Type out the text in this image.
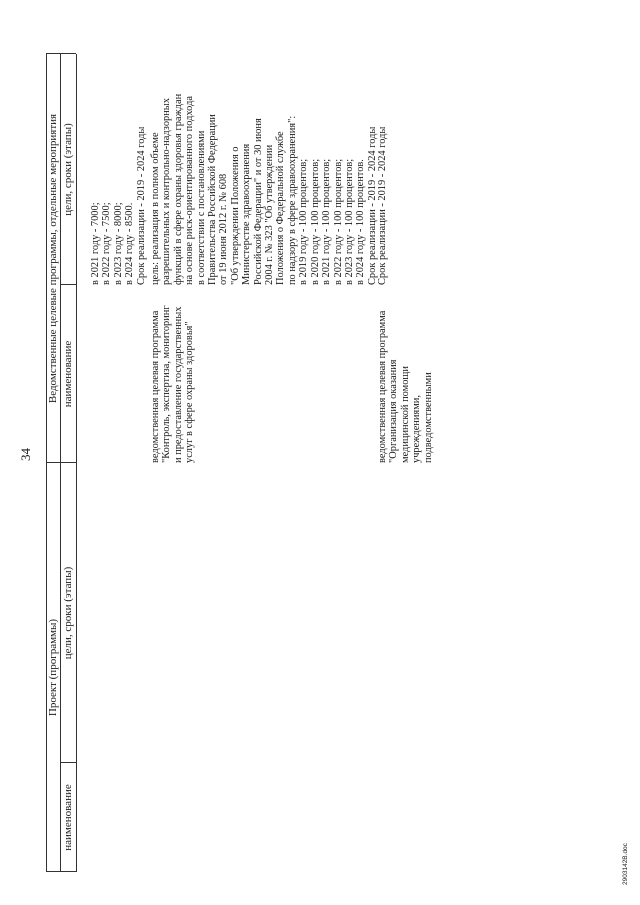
34
Проект (программы)
Ведомственные целевые программы, отдельные мероприятия
наименование
цели, сроки (этапы)
наименование
цели, сроки (этапы)
в 2021 году - 7000; в 2022 году - 7500; в 2023 году - 8000; в 2024 году - 8500. Срок реализации - 2019 - 2024 годы
ведомственная целевая программа "Контроль, экспертиза, мониторинг и предоставление государственных услуг в сфере охраны здоровья"
цель: реализация в полном объеме разрешительных и контрольно-надзорных функций в сфере охраны здоровья граждан на основе риск-ориентированного подхода в соответствии с постановлениями Правительства Российской Федерации от 19 июня 2012 г. № 608 "Об утверждении Положения о Министерстве здравоохранения Российской Федерации" и от 30 июня 2004 г. № 323 "Об утверждении Положения о Федеральной службе по надзору в сфере здравоохранения": в 2019 году - 100 процентов; в 2020 году - 100 процентов; в 2021 году - 100 процентов; в 2022 году - 100 процентов; в 2023 году - 100 процентов; в 2024 году - 100 процентов. Срок реализации - 2019 - 2024 годы
ведомственная целевая программа "Организация оказания медицинской помощи учреждениями, подведомственными
Срок реализации - 2019 - 2024 годы
2903142В.doc
